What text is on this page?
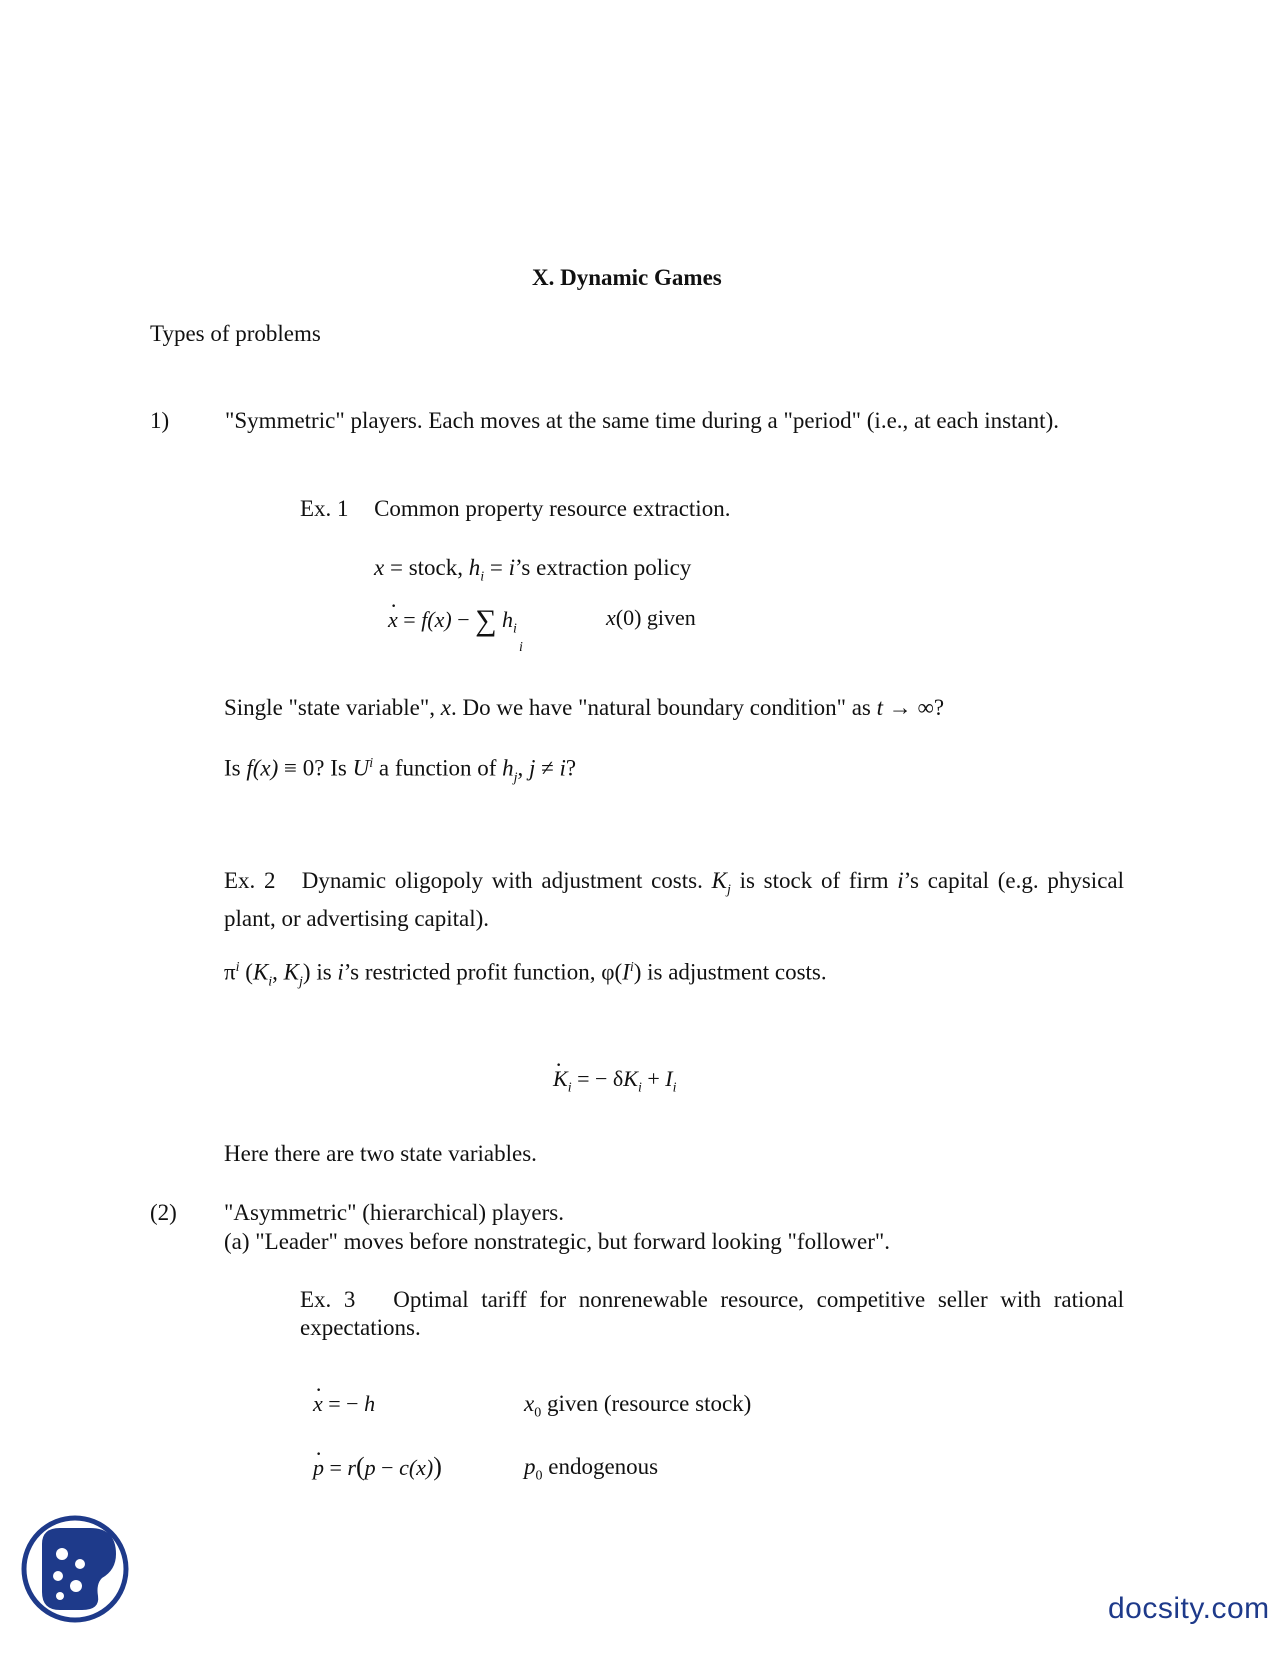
X. Dynamic Games
Types of problems
1)	"Symmetric" players. Each moves at the same time during a "period" (i.e., at each instant).
Ex. 1 Common property resource extraction.
x = stock, $h_i$ = i’s extraction policy
x · = f(x) − ∑ $h_i$
i
x(0) given
Single "state variable", x. Do we have "natural boundary condition" as t → ∞?
Is f(x) ≡ 0? Is $U^i$ a function of $h_j$, j ≠ i?
Ex. 2 Dynamic oligopoly with adjustment costs. $K_j$ is stock of firm i’s capital (e.g. physical plant, or advertising capital).
$\pi^i$ ($K_i$, $K_j$) is i’s restricted profit function, $\varphi(I^i)$ is adjustment costs.
$K \cdot_i$ = − $\delta K_i + I_i$
Here there are two state variables.
(2) "Asymmetric" (hierarchical) players.
(a) "Leader" moves before nonstrategic, but forward looking "follower".
Ex. 3 Optimal tariff for nonrenewable resource, competitive seller with rational expectations.
x · = − h	$x_0$ given (resource stock)
p · = r(p − c(x))	$p_0$ endogenous
docsity.com
